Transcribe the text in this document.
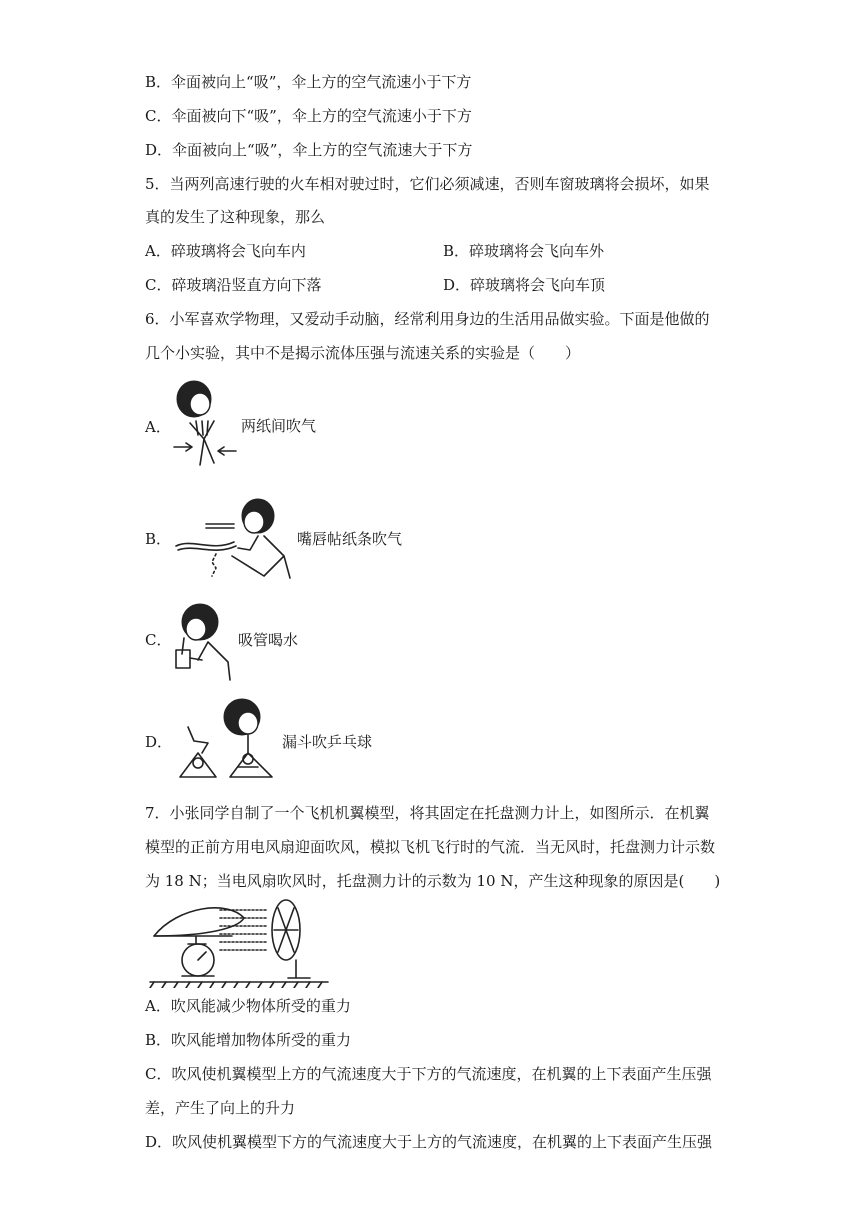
B．伞面被向上“吸”，伞上方的空气流速小于下方
C．伞面被向下“吸”，伞上方的空气流速小于下方
D．伞面被向上“吸”，伞上方的空气流速大于下方
5．当两列高速行驶的火车相对驶过时，它们必须减速，否则车窗玻璃将会损坏，如果
真的发生了这种现象，那么
A．碎玻璃将会飞向车内	B．碎玻璃将会飞向车外
C．碎玻璃沿竖直方向下落	D．碎玻璃将会飞向车顶
6．小军喜欢学物理，又爱动手动脑，经常利用身边的生活用品做实验。下面是他做的
几个小实验，其中不是揭示流体压强与流速关系的实验是（　　）
A．	两纸间吹气
B．	嘴唇帖纸条吹气
C．	吸管喝水
D．	漏斗吹乒乓球
7．小张同学自制了一个飞机机翼模型，将其固定在托盘测力计上，如图所示．在机翼
模型的正前方用电风扇迎面吹风，模拟飞机飞行时的气流．当无风时，托盘测力计示数
为 18 N；当电风扇吹风时，托盘测力计的示数为 10 N，产生这种现象的原因是(　　)
A．吹风能减少物体所受的重力
B．吹风能增加物体所受的重力
C．吹风使机翼模型上方的气流速度大于下方的气流速度，在机翼的上下表面产生压强
差，产生了向上的升力
D．吹风使机翼模型下方的气流速度大于上方的气流速度，在机翼的上下表面产生压强
